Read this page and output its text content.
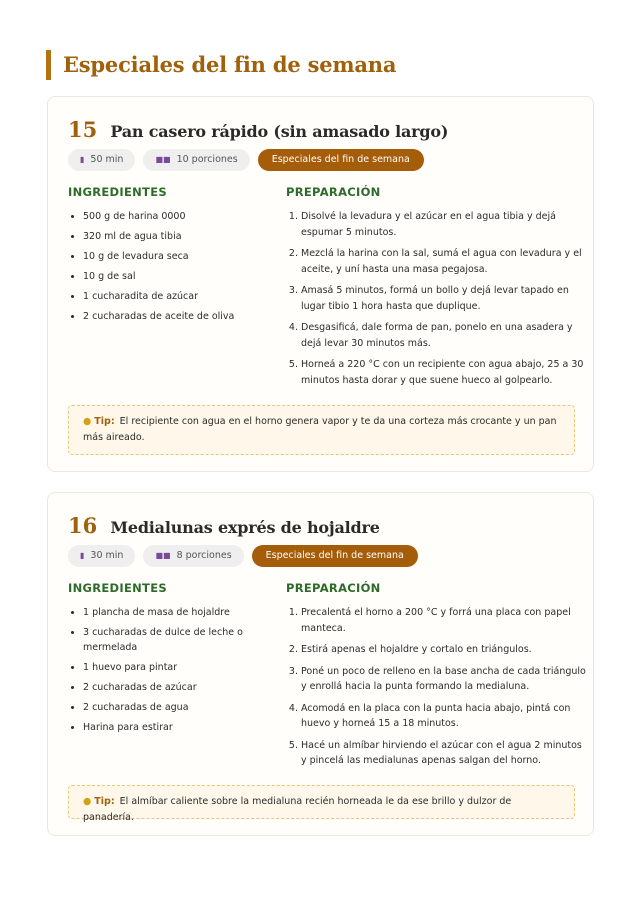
Especiales del fin de semana
15 Pan casero rápido (sin amasado largo)
▮ 50 min	■■ 10 porciones	Especiales del fin de semana
INGREDIENTES	PREPARACIÓN
• 500 g de harina 0000
• 320 ml de agua tibia
• 10 g de levadura seca
• 10 g de sal
• 1 cucharadita de azúcar
• 2 cucharadas de aceite de oliva
1. Disolvé la levadura y el azúcar en el agua tibia y dejá espumar 5 minutos.
2. Mezclá la harina con la sal, sumá el agua con levadura y el aceite, y uní hasta una masa pegajosa.
3. Amasá 5 minutos, formá un bollo y dejá levar tapado en lugar tibio 1 hora hasta que duplique.
4. Desgasificá, dale forma de pan, ponelo en una asadera y dejá levar 30 minutos más.
5. Horneá a 220 °C con un recipiente con agua abajo, 25 a 30 minutos hasta dorar y que suene hueco al golpearlo.
● Tip: El recipiente con agua en el horno genera vapor y te da una corteza más crocante y un pan más aireado.
16 Medialunas exprés de hojaldre
▮ 30 min	■■ 8 porciones	Especiales del fin de semana
INGREDIENTES	PREPARACIÓN
• 1 plancha de masa de hojaldre
• 3 cucharadas de dulce de leche o mermelada
• 1 huevo para pintar
• 2 cucharadas de azúcar
• 2 cucharadas de agua
• Harina para estirar
1. Precalentá el horno a 200 °C y forrá una placa con papel manteca.
2. Estirá apenas el hojaldre y cortalo en triángulos.
3. Poné un poco de relleno en la base ancha de cada triángulo y enrollá hacia la punta formando la medialuna.
4. Acomodá en la placa con la punta hacia abajo, pintá con huevo y horneá 15 a 18 minutos.
5. Hacé un almíbar hirviendo el azúcar con el agua 2 minutos y pincelá las medialunas apenas salgan del horno.
● Tip: El almíbar caliente sobre la medialuna recién horneada le da ese brillo y dulzor de panadería.
